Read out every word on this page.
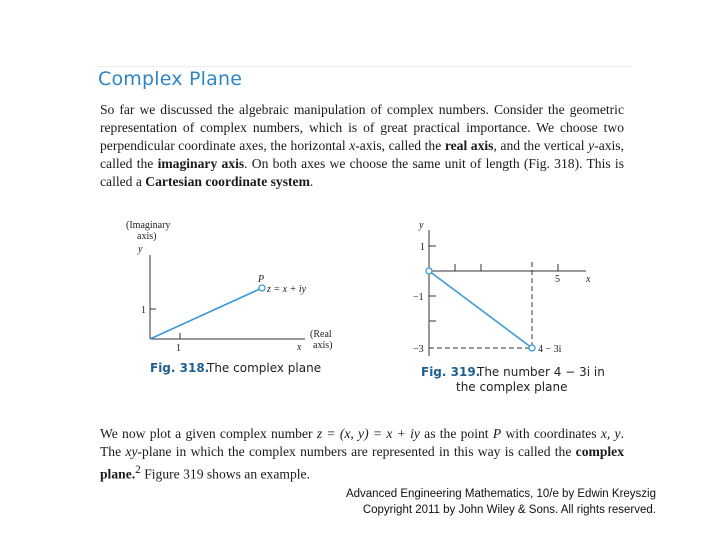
Complex Plane

So far we discussed the algebraic manipulation of complex numbers. Consider the geometric representation of complex numbers, which is of great practical importance. We choose two perpendicular coordinate axes, the horizontal x-axis, called the real axis, and the vertical y-axis, called the imaginary axis. On both axes we choose the same unit of length (Fig. 318). This is called a Cartesian coordinate system.

(Imaginary
axis)
y
1
1	x
(Real
axis)
P
z = x + iy
Fig. 318.
The complex plane
y
1
−1
−3
5	x
4 − 3i
Fig. 319.
The number 4 − 3i in
the complex plane

We now plot a given complex number z = (x, y) = x + iy as the point P with coordinates x, y. The xy-plane in which the complex numbers are represented in this way is called the complex plane.$^2$ Figure 319 shows an example.

Advanced Engineering Mathematics, 10/e by Edwin Kreyszig
Copyright 2011 by John Wiley & Sons. All rights reserved.
